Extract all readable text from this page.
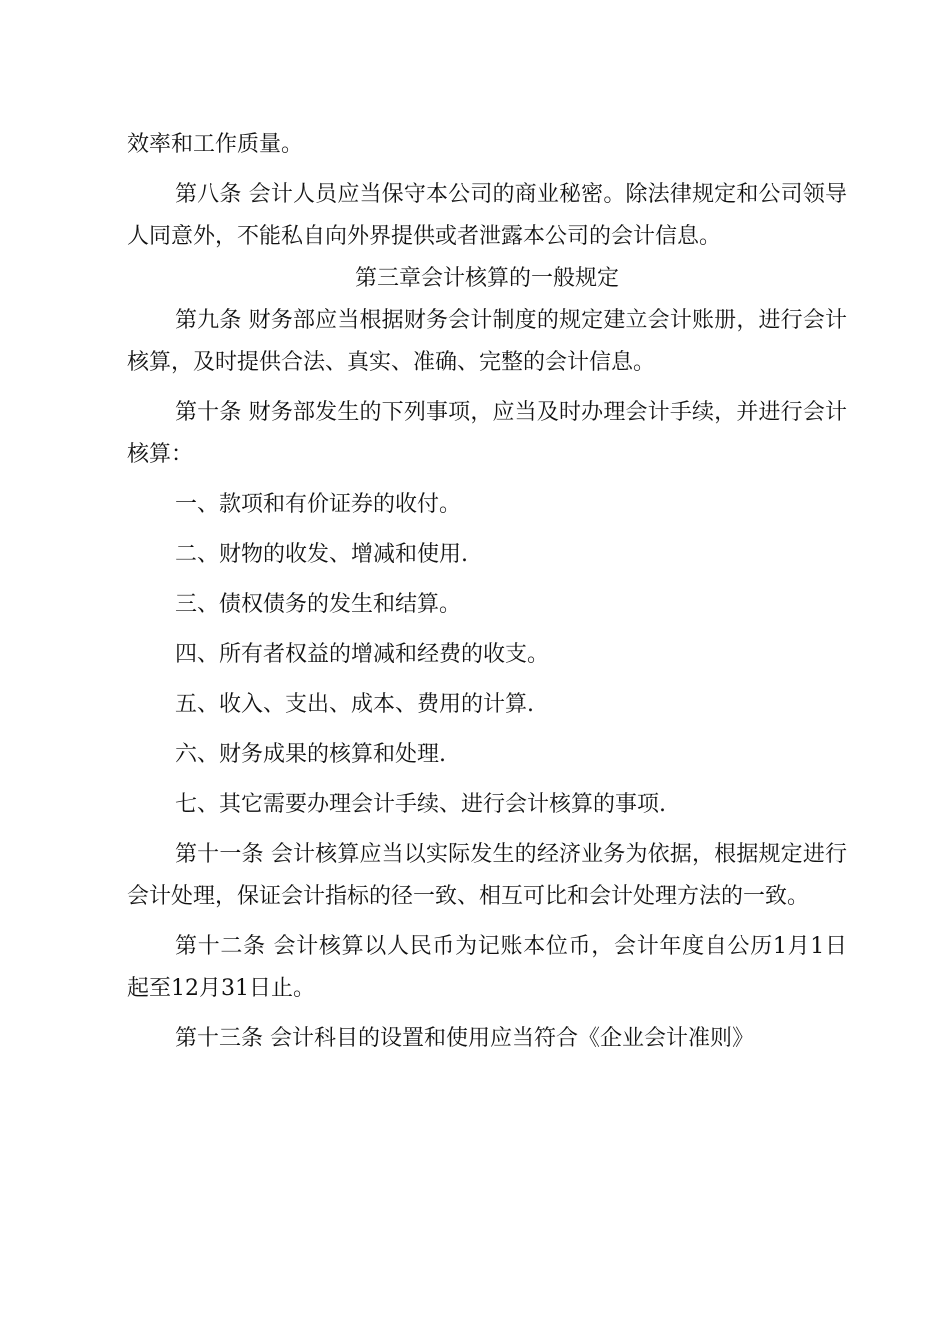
效率和工作质量。

第八条 会计人员应当保守本公司的商业秘密。除法律规定和公司领导人同意外，不能私自向外界提供或者泄露本公司的会计信息。

第三章会计核算的一般规定

第九条 财务部应当根据财务会计制度的规定建立会计账册，进行会计核算，及时提供合法、真实、准确、完整的会计信息。

第十条 财务部发生的下列事项，应当及时办理会计手续，并进行会计核算：

一、款项和有价证券的收付。

二、财物的收发、增减和使用.

三、债权债务的发生和结算。

四、所有者权益的增减和经费的收支。

五、收入、支出、成本、费用的计算.

六、财务成果的核算和处理.

七、其它需要办理会计手续、进行会计核算的事项.

第十一条 会计核算应当以实际发生的经济业务为依据，根据规定进行会计处理，保证会计指标的径一致、相互可比和会计处理方法的一致。

第十二条 会计核算以人民币为记账本位币，会计年度自公历1月1日起至12月31日止。

第十三条 会计科目的设置和使用应当符合《企业会计准则》
